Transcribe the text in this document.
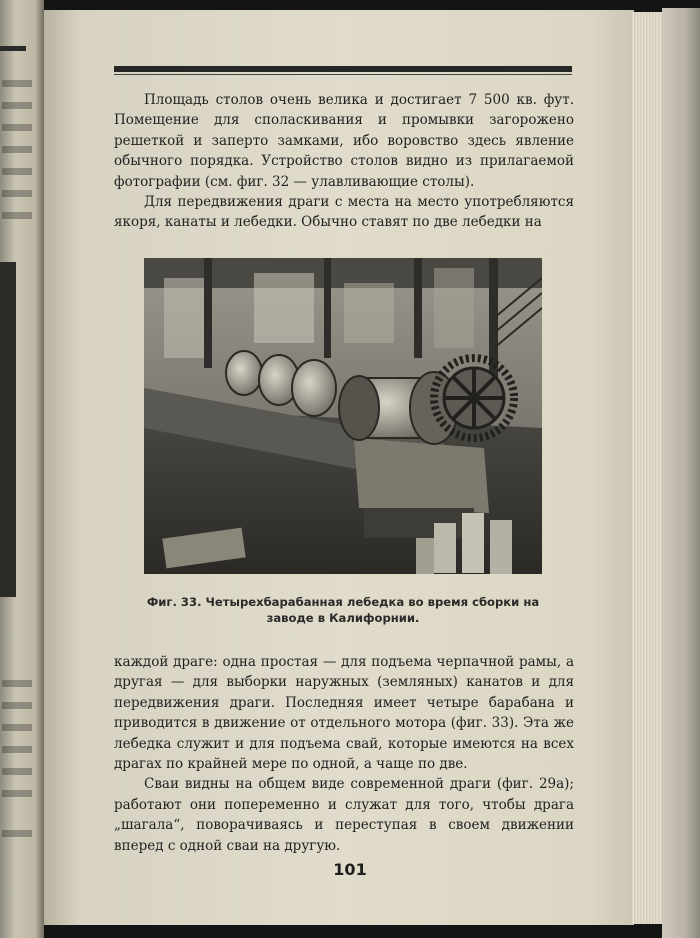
Площадь столов очень велика и достигает 7 500 кв. фут. Помещение для споласкивания и промывки загорожено решеткой и заперто замками, ибо воровство здесь явление обычного порядка. Устройство столов видно из прилагаемой фотографии (см. фиг. 32 — улавливающие столы).

Для передвижения драги с места на место употребляются якоря, канаты и лебедки. Обычно ставят по две лебедки на

Фиг. 33. Четырехбарабанная лебедка во время сборки на заводе в Калифорнии.

каждой драге: одна простая — для подъема черпачной рамы, а другая — для выборки наружных (земляных) канатов и для передвижения драги. Последняя имеет четыре барабана и приводится в движение от отдельного мотора (фиг. 33). Эта же лебедка служит и для подъема свай, которые имеются на всех драгах по крайней мере по одной, а чаще по две.

Сваи видны на общем виде современной драги (фиг. 29а); работают они попеременно и служат для того, чтобы драга „шагала“, поворачиваясь и переступая в своем движении вперед с одной сваи на другую.

101
